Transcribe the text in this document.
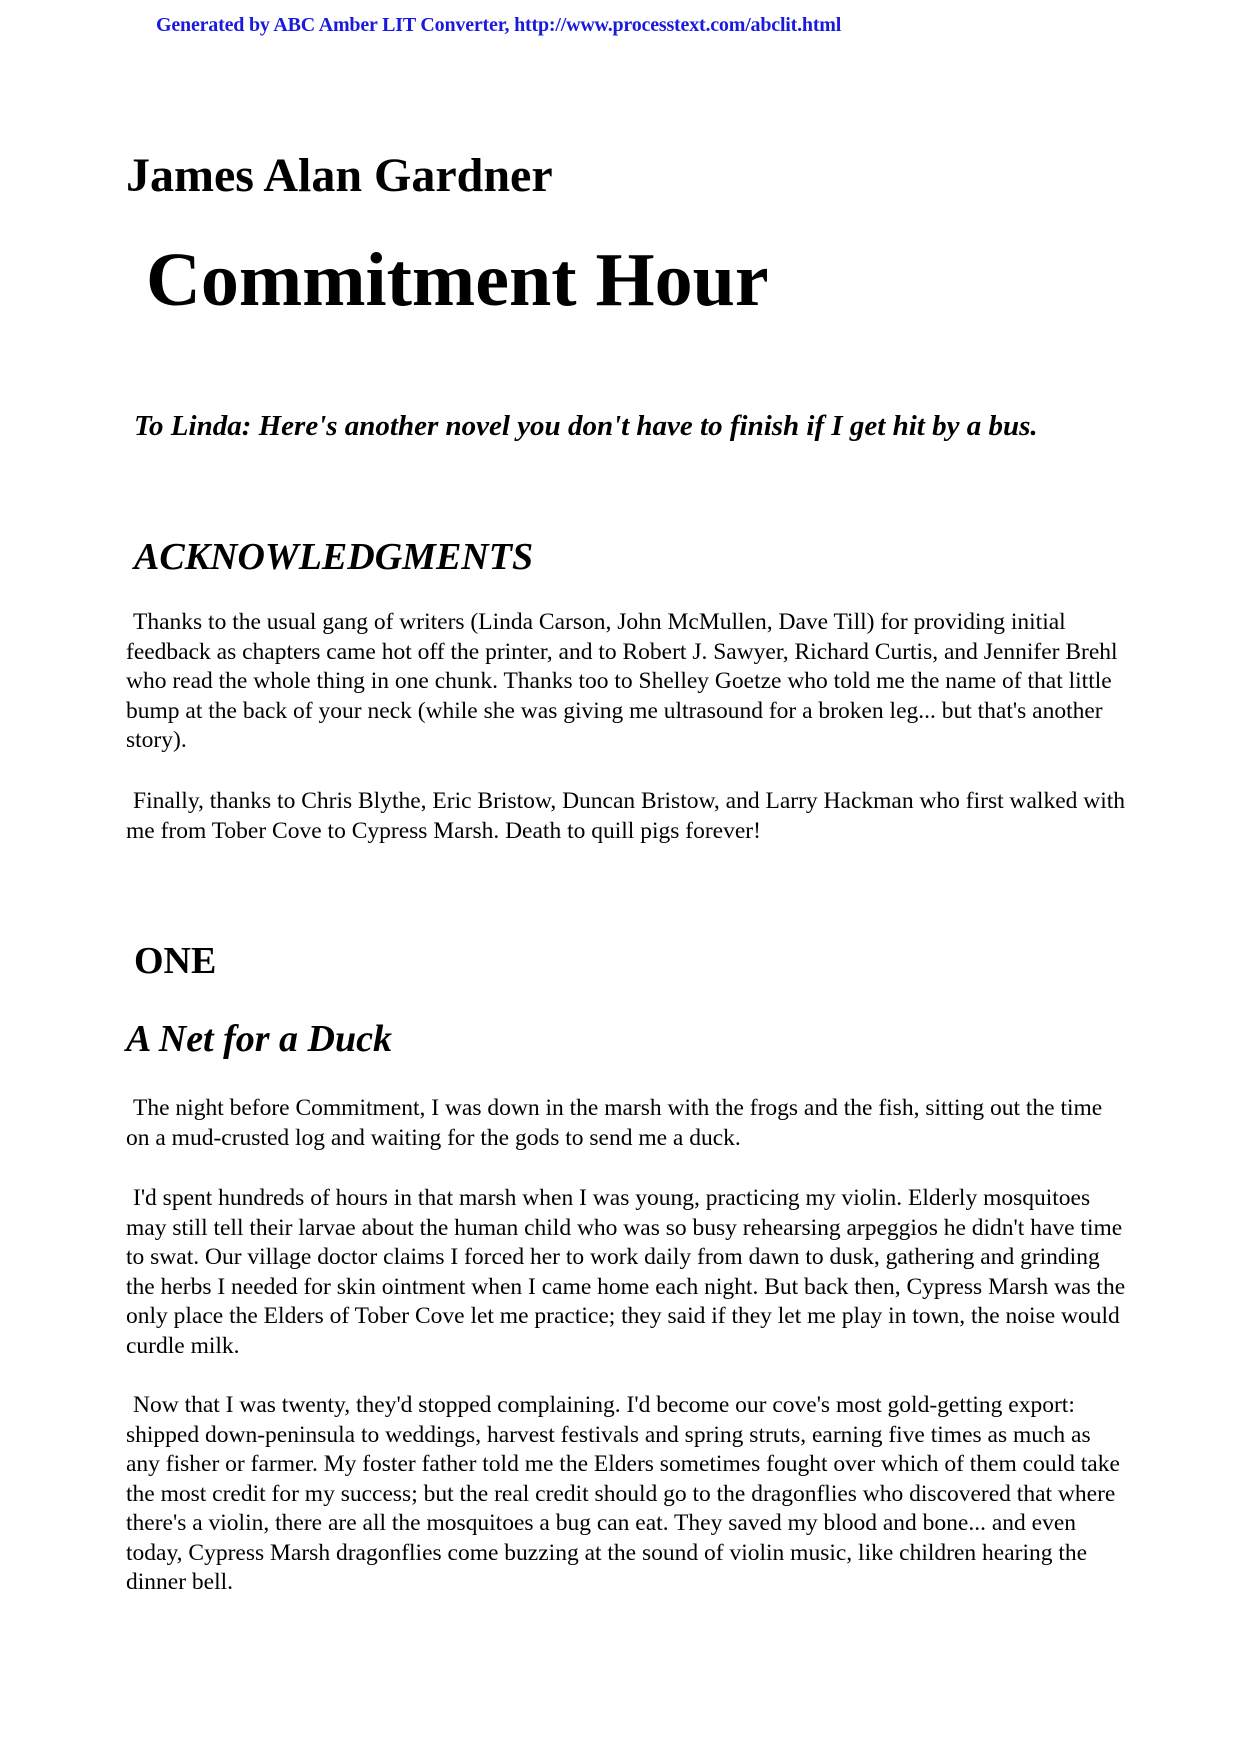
Generated by ABC Amber LIT Converter, http://www.processtext.com/abclit.html
James Alan Gardner
Commitment Hour
To Linda: Here's another novel you don't have to finish if I get hit by a bus.
ACKNOWLEDGMENTS

Thanks to the usual gang of writers (Linda Carson, John McMullen, Dave Till) for providing initial feedback as chapters came hot off the printer, and to Robert J. Sawyer, Richard Curtis, and Jennifer Brehl who read the whole thing in one chunk. Thanks too to Shelley Goetze who told me the name of that little bump at the back of your neck (while she was giving me ultrasound for a broken leg... but that's another story).

Finally, thanks to Chris Blythe, Eric Bristow, Duncan Bristow, and Larry Hackman who first walked with me from Tober Cove to Cypress Marsh. Death to quill pigs forever!

ONE
A Net for a Duck

The night before Commitment, I was down in the marsh with the frogs and the fish, sitting out the time on a mud-crusted log and waiting for the gods to send me a duck.

I'd spent hundreds of hours in that marsh when I was young, practicing my violin. Elderly mosquitoes may still tell their larvae about the human child who was so busy rehearsing arpeggios he didn't have time to swat. Our village doctor claims I forced her to work daily from dawn to dusk, gathering and grinding the herbs I needed for skin ointment when I came home each night. But back then, Cypress Marsh was the only place the Elders of Tober Cove let me practice; they said if they let me play in town, the noise would curdle milk.

Now that I was twenty, they'd stopped complaining. I'd become our cove's most gold-getting export: shipped down-peninsula to weddings, harvest festivals and spring struts, earning five times as much as any fisher or farmer. My foster father told me the Elders sometimes fought over which of them could take the most credit for my success; but the real credit should go to the dragonflies who discovered that where there's a violin, there are all the mosquitoes a bug can eat. They saved my blood and bone... and even today, Cypress Marsh dragonflies come buzzing at the sound of violin music, like children hearing the dinner bell.
